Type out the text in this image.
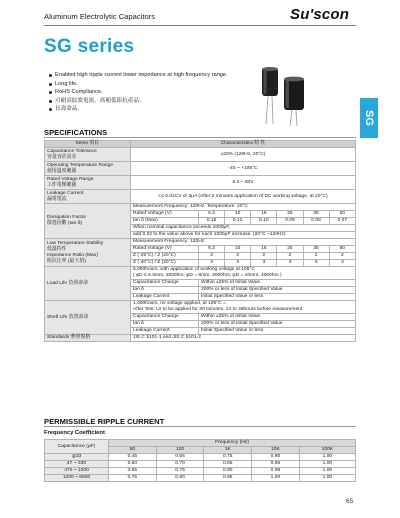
Aluminum Electrolytic Capacitors	Su'scon
SG series
SG
Enabled high ripple current lower impedance at high frequency range.
Long life.
RoHS Compliance.
可耐高紋波電流，高頻低阻抗產品。
長壽命品。
SPECIFICATIONS
Items 項目	Characteristics 特 性						
Capacitance Tolerance
容量容許誤差	±20% (120Hz, 20°C)						
Operating Temperature Range
使用溫度範圍	-40 ~ +105°C						
Rated Voltage Range
工作電壓範圍	6.3 ~ 50V						
Leakage Current
漏電電流	I ≤ 0.01CV or 3μA (After 2 minutes application of DC working voltage, at 20°C)						
Dissipation Factor
散逸因數 (tan δ)	Measurement Frequency: 120Hz, Temperature: 20°C						
	Rated Voltage (V)	6.3	10	16	25	35	50
	tan δ (Max)	0.15	0.12	0.10	0.09	0.08	0.07
	When nominal capacitance exceeds 1000μF,						
	add 0.02 to the value above for each 1000μF increase. (20°C ~120Hz)						
Low Temperature Stability
低溫特性
Impedance Ratio (Max)
阻抗比率 (最大值)	Measurement Frequency: 120Hz.						
	Rated Voltage (V)	6.3	10	16	25	35	50
	Z (-25°C) / Z (20°C)	2	2	2	2	2	2
	Z (-40°C) / Z (20°C)	3	3	3	3	3	3
Load Life 負荷壽命	5,000hours, with application of working voltage at 105°C
( φD ≤ 6.3mm, 2000hrs; φD = 8mm, 3000hrs; φD = 10mm, 4000hrs )						
	Capacitance Change	Within ±25% of Initial Value					
	tan δ	200% or less of Initial Specified Value					
	Leakage Current	Initial Specified Value or less					
Shelf Life 放置壽命	1,000hours, no voltage applied, at 105°C =
After Test: Ur to be applied for 30 minutes, 24 to 48hours before measurement.						
	Capacitance Change	Within ±25% of Initial Value					
	tan δ	200% or less of Initial Specified Value					
	Leakage Current	Initial Specified Value or less					
Standards 參照規格	JIS C 5101-1 and JIS C 5101-2						
PERMISSIBLE RIPPLE CURRENT
Frequency Coefficient
Capacitance (μF)	Frequency (Hz)				
	50	120	1K	10K	100K
≦33	0.45	0.55	0.75	0.90	1.00
47 ~ 330	0.60	0.70	0.85	0.95	1.00
470 ~ 1000	0.65	0.75	0.90	0.98	1.00
1200 ~ 6800	0.75	0.80	0.95	1.00	1.00
65
